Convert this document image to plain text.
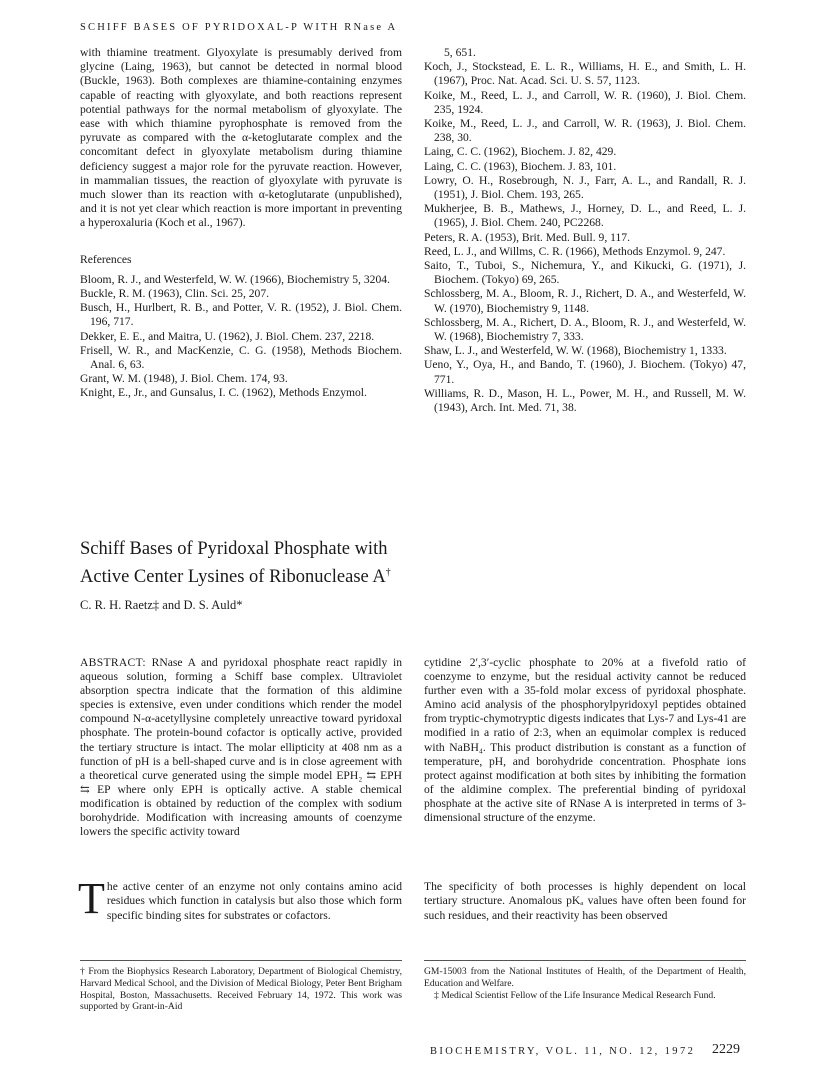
SCHIFF BASES OF PYRIDOXAL-P WITH RNase A

with thiamine treatment. Glyoxylate is presumably derived from glycine (Laing, 1963), but cannot be detected in normal blood (Buckle, 1963). Both complexes are thiamine-containing enzymes capable of reacting with glyoxylate, and both reactions represent potential pathways for the normal metabolism of glyoxylate. The ease with which thiamine pyrophosphate is removed from the pyruvate as compared with the α-ketoglutarate complex and the concomitant defect in glyoxylate metabolism during thiamine deficiency suggest a major role for the pyruvate reaction. However, in mammalian tissues, the reaction of glyoxylate with pyruvate is much slower than its reaction with α-ketoglutarate (unpublished), and it is not yet clear which reaction is more important in preventing a hyperoxaluria (Koch et al., 1967).

References

Bloom, R. J., and Westerfeld, W. W. (1966), Biochemistry 5, 3204.

Buckle, R. M. (1963), Clin. Sci. 25, 207.

Busch, H., Hurlbert, R. B., and Potter, V. R. (1952), J. Biol. Chem. 196, 717.

Dekker, E. E., and Maitra, U. (1962), J. Biol. Chem. 237, 2218.

Frisell, W. R., and MacKenzie, C. G. (1958), Methods Biochem. Anal. 6, 63.

Grant, W. M. (1948), J. Biol. Chem. 174, 93.

Knight, E., Jr., and Gunsalus, I. C. (1962), Methods Enzymol.

5, 651.

Koch, J., Stockstead, E. L. R., Williams, H. E., and Smith, L. H. (1967), Proc. Nat. Acad. Sci. U. S. 57, 1123.

Koike, M., Reed, L. J., and Carroll, W. R. (1960), J. Biol. Chem. 235, 1924.

Koike, M., Reed, L. J., and Carroll, W. R. (1963), J. Biol. Chem. 238, 30.

Laing, C. C. (1962), Biochem. J. 82, 429.

Laing, C. C. (1963), Biochem. J. 83, 101.

Lowry, O. H., Rosebrough, N. J., Farr, A. L., and Randall, R. J. (1951), J. Biol. Chem. 193, 265.

Mukherjee, B. B., Mathews, J., Horney, D. L., and Reed, L. J. (1965), J. Biol. Chem. 240, PC2268.

Peters, R. A. (1953), Brit. Med. Bull. 9, 117.

Reed, L. J., and Willms, C. R. (1966), Methods Enzymol. 9, 247.

Saito, T., Tuboi, S., Nichemura, Y., and Kikucki, G. (1971), J. Biochem. (Tokyo) 69, 265.

Schlossberg, M. A., Bloom, R. J., Richert, D. A., and Westerfeld, W. W. (1970), Biochemistry 9, 1148.

Schlossberg, M. A., Richert, D. A., Bloom, R. J., and Westerfeld, W. W. (1968), Biochemistry 7, 333.

Shaw, L. J., and Westerfeld, W. W. (1968), Biochemistry 1, 1333.

Ueno, Y., Oya, H., and Bando, T. (1960), J. Biochem. (Tokyo) 47, 771.

Williams, R. D., Mason, H. L., Power, M. H., and Russell, M. W. (1943), Arch. Int. Med. 71, 38.

Schiff Bases of Pyridoxal Phosphate with
Active Center Lysines of Ribonuclease A†
C. R. H. Raetz‡ and D. S. Auld*
ABSTRACT: RNase A and pyridoxal phosphate react rapidly in aqueous solution, forming a Schiff base complex. Ultraviolet absorption spectra indicate that the formation of this aldimine species is extensive, even under conditions which render the model compound N-α-acetyllysine completely unreactive toward pyridoxal phosphate. The protein-bound cofactor is optically active, provided the tertiary structure is intact. The molar ellipticity at 408 nm as a function of pH is a bell-shaped curve and is in close agreement with a theoretical curve generated using the simple model EPH₂ ⇆ EPH ⇆ EP where only EPH is optically active. A stable chemical modification is obtained by reduction of the complex with sodium borohydride. Modification with increasing amounts of coenzyme lowers the specific activity toward
cytidine 2′,3′-cyclic phosphate to 20% at a fivefold ratio of coenzyme to enzyme, but the residual activity cannot be reduced further even with a 35-fold molar excess of pyridoxal phosphate. Amino acid analysis of the phosphorylpyridoxyl peptides obtained from tryptic-chymotryptic digests indicates that Lys-7 and Lys-41 are modified in a ratio of 2:3, when an equimolar complex is reduced with NaBH₄. This product distribution is constant as a function of temperature, pH, and borohydride concentration. Phosphate ions protect against modification at both sites by inhibiting the formation of the aldimine complex. The preferential binding of pyridoxal phosphate at the active site of RNase A is interpreted in terms of 3-dimensional structure of the enzyme.
The active center of an enzyme not only contains amino acid residues which function in catalysis but also those which form specific binding sites for substrates or cofactors.
The specificity of both processes is highly dependent on local tertiary structure. Anomalous pKₐ values have often been found for such residues, and their reactivity has been observed
† From the Biophysics Research Laboratory, Department of Biological Chemistry, Harvard Medical School, and the Division of Medical Biology, Peter Bent Brigham Hospital, Boston, Massachusetts. Received February 14, 1972. This work was supported by Grant-in-Aid
GM-15003 from the National Institutes of Health, of the Department of Health, Education and Welfare.
‡ Medical Scientist Fellow of the Life Insurance Medical Research Fund.
BIOCHEMISTRY, VOL. 11, NO. 12, 1972 2229
